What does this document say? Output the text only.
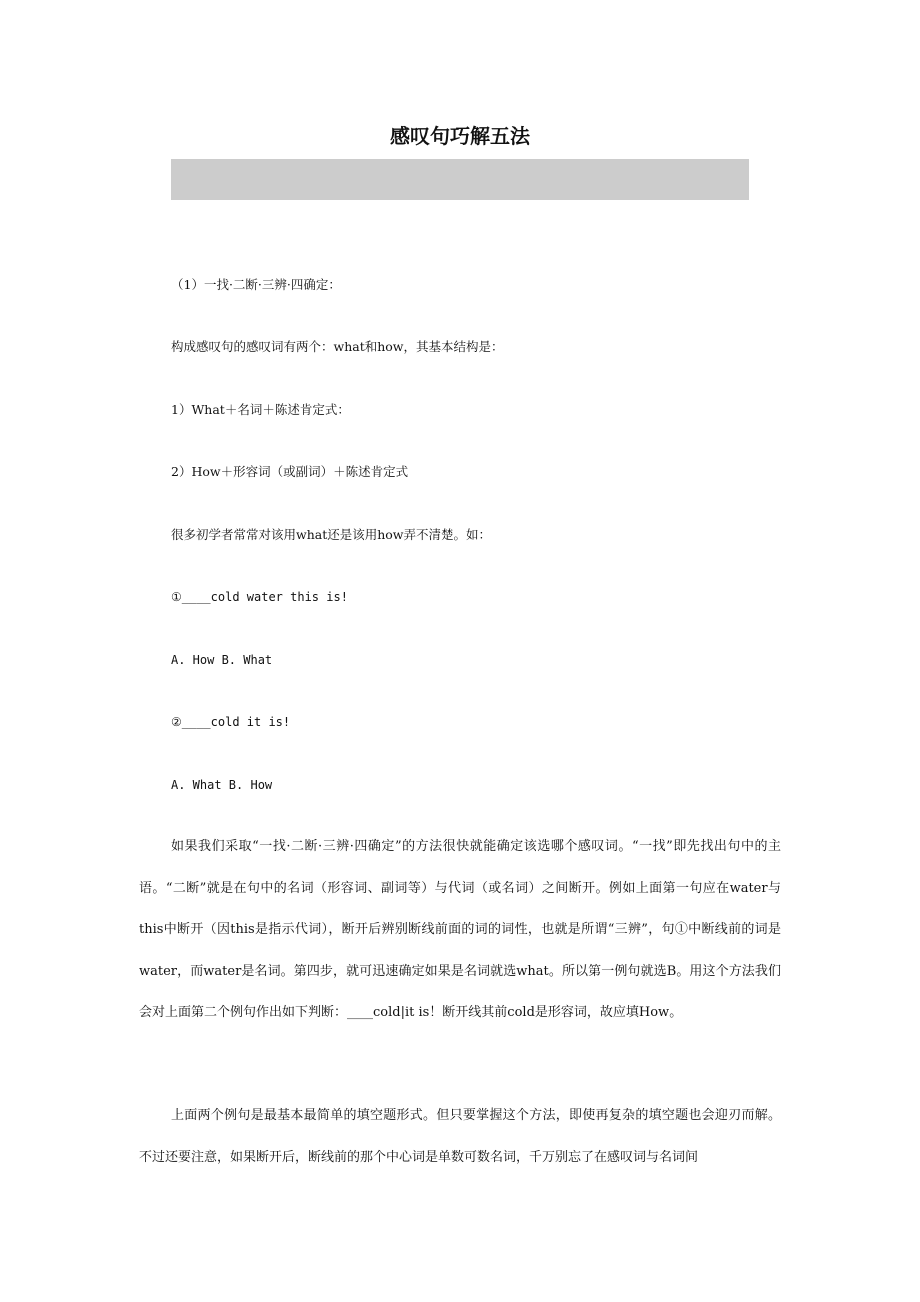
感叹句巧解五法

（1）一找·二断·三辨·四确定：

构成感叹句的感叹词有两个：what和how，其基本结构是：

1）What＋名词＋陈述肯定式：

2）How＋形容词（或副词）＋陈述肯定式

很多初学者常常对该用what还是该用how弄不清楚。如：

①____cold water this is!

A. How B. What

②____cold it is!

A. What B. How

如果我们采取“一找·二断·三辨·四确定”的方法很快就能确定该选哪个感叹词。“一找”即先找出句中的主语。“二断”就是在句中的名词（形容词、副词等）与代词（或名词）之间断开。例如上面第一句应在water与this中断开（因this是指示代词），断开后辨别断线前面的词的词性，也就是所谓“三辨”，句①中断线前的词是water，而water是名词。第四步，就可迅速确定如果是名词就选what。所以第一例句就选B。用这个方法我们会对上面第二个例句作出如下判断：____cold|it is！断开线其前cold是形容词，故应填How。

上面两个例句是最基本最简单的填空题形式。但只要掌握这个方法，即使再复杂的填空题也会迎刃而解。不过还要注意，如果断开后，断线前的那个中心词是单数可数名词，千万别忘了在感叹词与名词间
